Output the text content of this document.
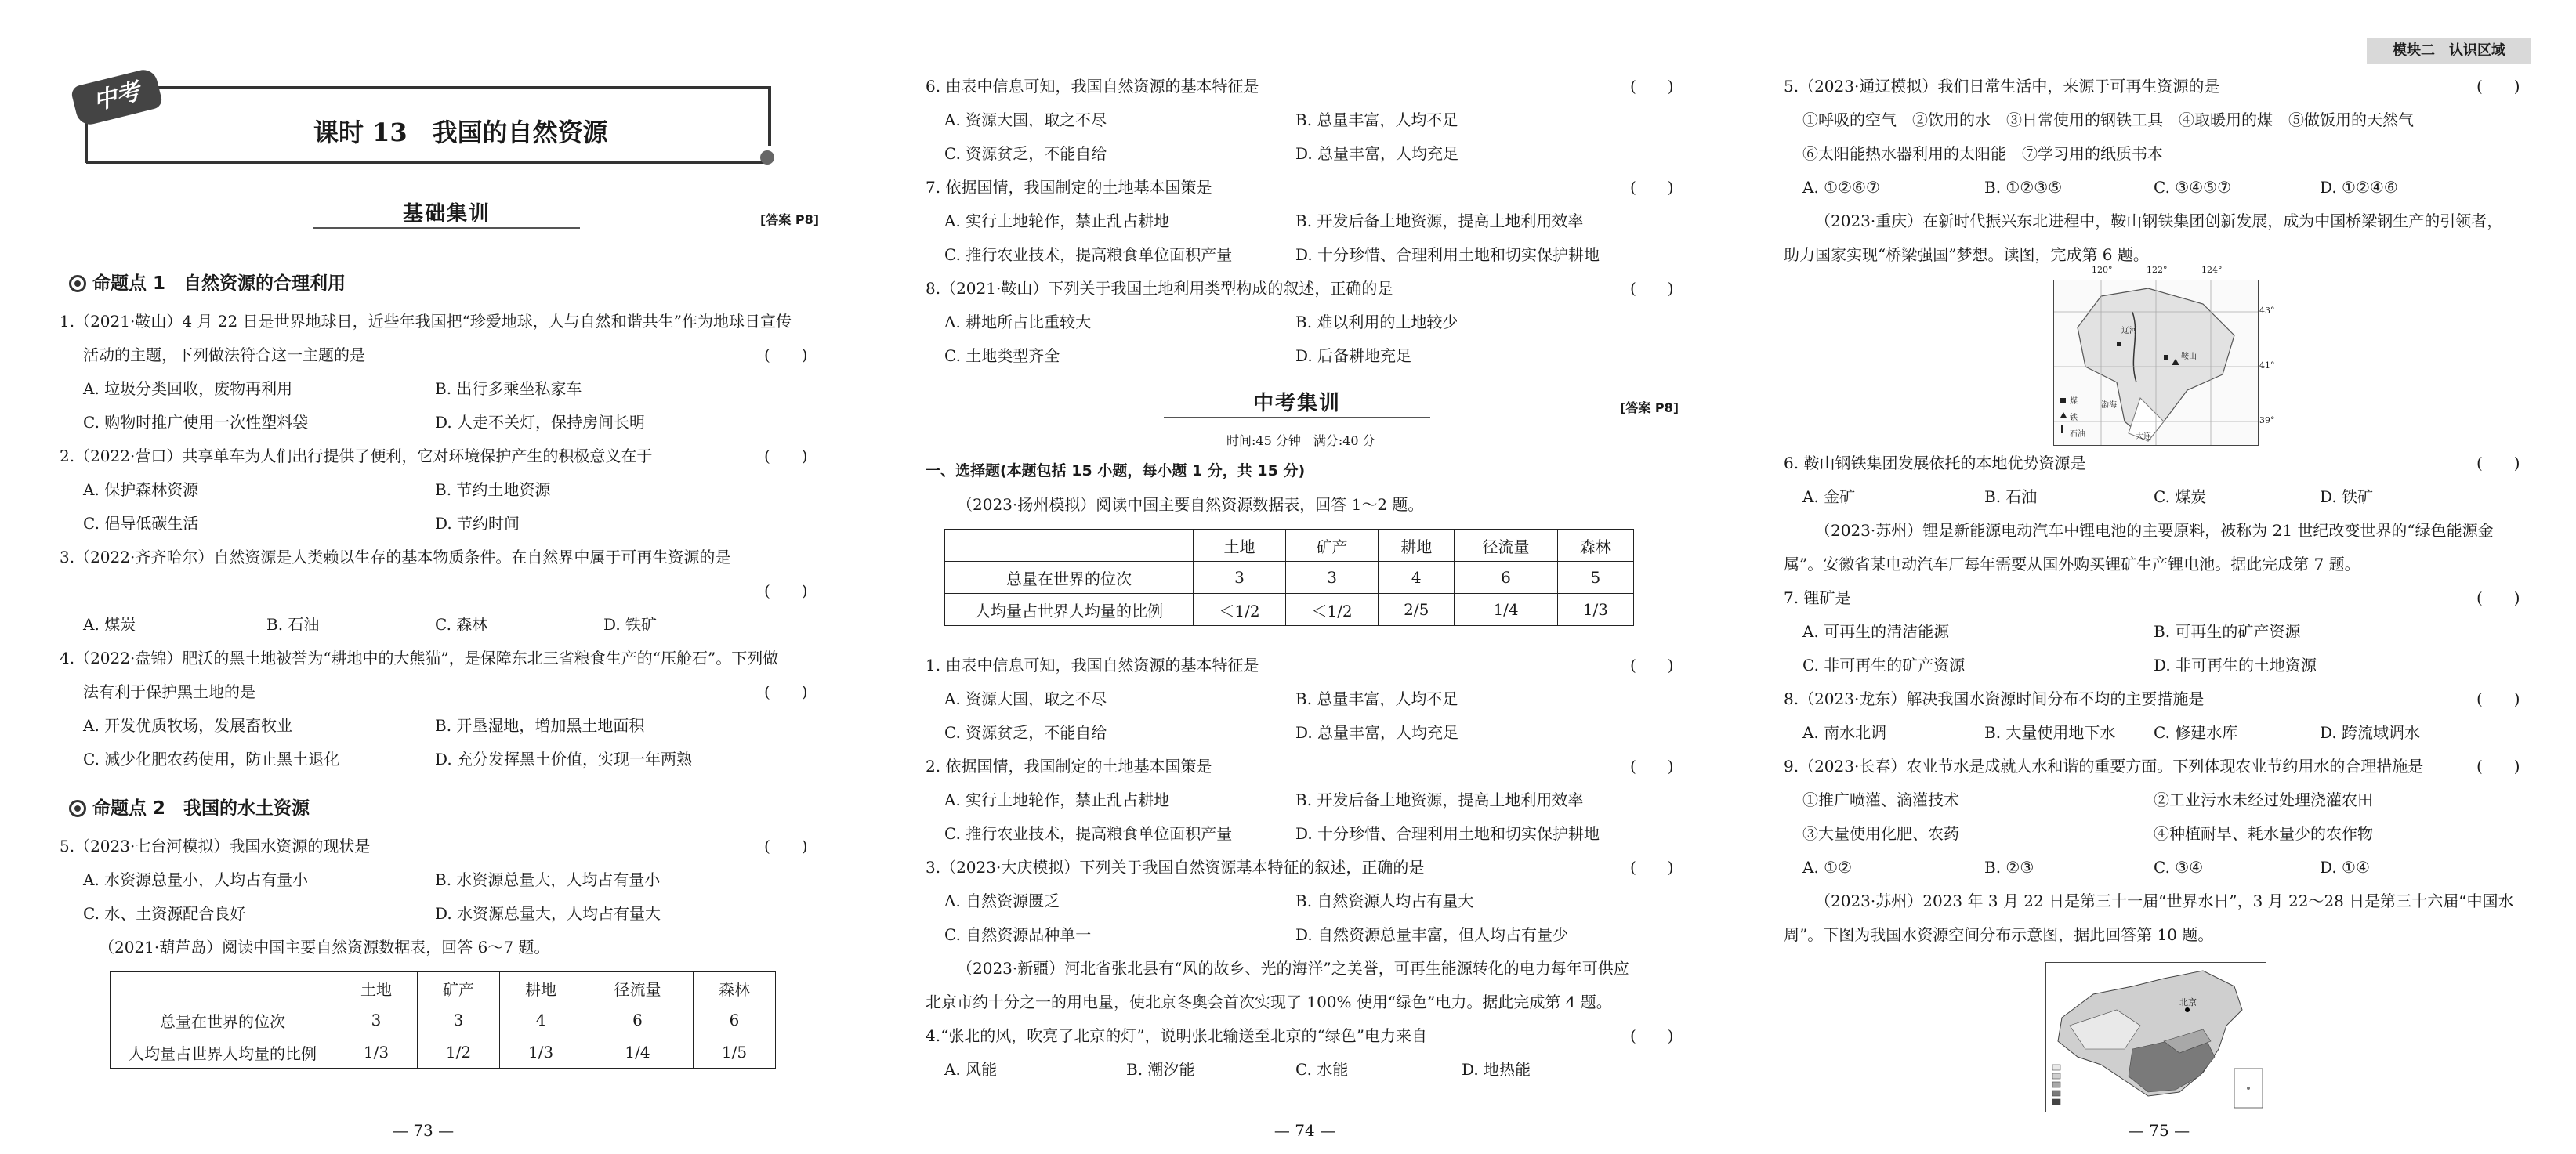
中考123	课时 13　我国的自然资源
基础集训	[答案 P8]
命题点 1　自然资源的合理利用
1.（2021·鞍山）4 月 22 日是世界地球日，近些年我国把“珍爱地球，人与自然和谐共生”作为地球日宣传
活动的主题，下列做法符合这一主题的是	(　　)
A. 垃圾分类回收，废物再利用	B. 出行多乘坐私家车
C. 购物时推广使用一次性塑料袋	D. 人走不关灯，保持房间长明
2.（2022·营口）共享单车为人们出行提供了便利，它对环境保护产生的积极意义在于	(　　)
A. 保护森林资源	B. 节约土地资源
C. 倡导低碳生活	D. 节约时间
3.（2022·齐齐哈尔）自然资源是人类赖以生存的基本物质条件。在自然界中属于可再生资源的是
(　　)
A. 煤炭	B. 石油	C. 森林	D. 铁矿
4.（2022·盘锦）肥沃的黑土地被誉为“耕地中的大熊猫”，是保障东北三省粮食生产的“压舱石”。下列做
法有利于保护黑土地的是	(　　)
A. 开发优质牧场，发展畜牧业	B. 开垦湿地，增加黑土地面积
C. 减少化肥农药使用，防止黑土退化	D. 充分发挥黑土价值，实现一年两熟
命题点 2　我国的水土资源
5.（2023·七台河模拟）我国水资源的现状是	(　　)
A. 水资源总量小，人均占有量小	B. 水资源总量大，人均占有量小
C. 水、土资源配合良好	D. 水资源总量大，人均占有量大
（2021·葫芦岛）阅读中国主要自然资源数据表，回答 6～7 题。
	土地	矿产	耕地	径流量	森林
总量在世界的位次	3	3	4	6	6
人均量占世界人均量的比例	1/3	1/2	1/3	1/4	1/5
— 73 —
6. 由表中信息可知，我国自然资源的基本特征是	(　　)
A. 资源大国，取之不尽	B. 总量丰富，人均不足
C. 资源贫乏，不能自给	D. 总量丰富，人均充足
7. 依据国情，我国制定的土地基本国策是	(　　)
A. 实行土地轮作，禁止乱占耕地	B. 开发后备土地资源，提高土地利用效率
C. 推行农业技术，提高粮食单位面积产量	D. 十分珍惜、合理利用土地和切实保护耕地
8.（2021·鞍山）下列关于我国土地利用类型构成的叙述，正确的是	(　　)
A. 耕地所占比重较大	B. 难以利用的土地较少
C. 土地类型齐全	D. 后备耕地充足
中考集训	[答案 P8]
时间:45 分钟　满分:40 分
一、选择题(本题包括 15 小题，每小题 1 分，共 15 分)
（2023·扬州模拟）阅读中国主要自然资源数据表，回答 1～2 题。
	土地	矿产	耕地	径流量	森林
总量在世界的位次	3	3	4	6	5
人均量占世界人均量的比例	＜1/2	＜1/2	2/5	1/4	1/3
1. 由表中信息可知，我国自然资源的基本特征是	(　　)
A. 资源大国，取之不尽	B. 总量丰富，人均不足
C. 资源贫乏，不能自给	D. 总量丰富，人均充足
2. 依据国情，我国制定的土地基本国策是	(　　)
A. 实行土地轮作，禁止乱占耕地	B. 开发后备土地资源，提高土地利用效率
C. 推行农业技术，提高粮食单位面积产量	D. 十分珍惜、合理利用土地和切实保护耕地
3.（2023·大庆模拟）下列关于我国自然资源基本特征的叙述，正确的是	(　　)
A. 自然资源匮乏	B. 自然资源人均占有量大
C. 自然资源品种单一	D. 自然资源总量丰富，但人均占有量少
（2023·新疆）河北省张北县有“风的故乡、光的海洋”之美誉，可再生能源转化的电力每年可供应
北京市约十分之一的用电量，使北京冬奥会首次实现了 100% 使用“绿色”电力。据此完成第 4 题。
4.“张北的风，吹亮了北京的灯”，说明张北输送至北京的“绿色”电力来自	(　　)
A. 风能	B. 潮汐能	C. 水能	D. 地热能
— 74 —
模块二　认识区域
5.（2023·通辽模拟）我们日常生活中，来源于可再生资源的是	(　　)
①呼吸的空气　②饮用的水　③日常使用的钢铁工具　④取暖用的煤　⑤做饭用的天然气
⑥太阳能热水器利用的太阳能　⑦学习用的纸质书本
A. ①②⑥⑦	B. ①②③⑤	C. ③④⑤⑦	D. ①②④⑥
（2023·重庆）在新时代振兴东北进程中，鞍山钢铁集团创新发展，成为中国桥梁钢生产的引领者，
助力国家实现“桥梁强国”梦想。读图，完成第 6 题。
120°	122°	124°
43°
41°
39°
煤
铁
石油
辽河
鞍山
大连
渤海
6. 鞍山钢铁集团发展依托的本地优势资源是	(　　)
A. 金矿	B. 石油	C. 煤炭	D. 铁矿
（2023·苏州）锂是新能源电动汽车中锂电池的主要原料，被称为 21 世纪改变世界的“绿色能源金
属”。安徽省某电动汽车厂每年需要从国外购买锂矿生产锂电池。据此完成第 7 题。
7. 锂矿是	(　　)
A. 可再生的清洁能源	B. 可再生的矿产资源
C. 非可再生的矿产资源	D. 非可再生的土地资源
8.（2023·龙东）解决我国水资源时间分布不均的主要措施是	(　　)
A. 南水北调	B. 大量使用地下水 C. 修建水库	D. 跨流域调水
9.（2023·长春）农业节水是成就人水和谐的重要方面。下列体现农业节约用水的合理措施是	(　　)
①推广喷灌、滴灌技术	②工业污水未经过处理浇灌农田
③大量使用化肥、农药	④种植耐旱、耗水量少的农作物
A. ①②	B. ②③	C. ③④	D. ①④
（2023·苏州）2023 年 3 月 22 日是第三十一届“世界水日”，3 月 22～28 日是第三十六届“中国水
周”。下图为我国水资源空间分布示意图，据此回答第 10 题。
北京
— 75 —
